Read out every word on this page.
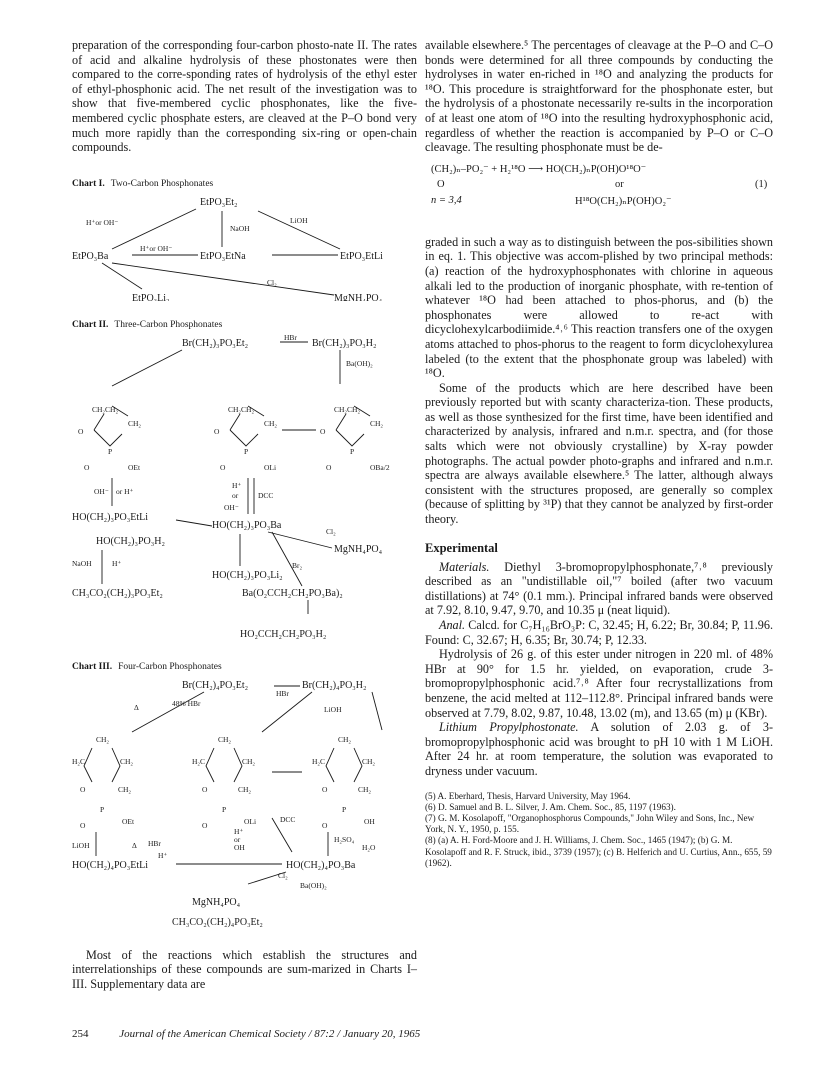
preparation of the corresponding four-carbon phosto-nate II. The rates of acid and alkaline hydrolysis of these phostonates were then compared to the corre-sponding rates of hydrolysis of the ethyl ester of ethyl-phosphonic acid. The net result of the investigation was to show that five-membered cyclic phosphonates, like the five-membered cyclic phosphate esters, are cleaved at the P–O bond very much more rapidly than the corresponding six-ring or open-chain compounds.

Chart I. Two-Carbon Phosphonates

EtPO₃Et₂
EtPO₃Ba	EtPO₃EtNa	EtPO₃EtLi
EtPO₃Li₂	MgNH₄PO₄
H⁺or OH⁻
NaOH
LiOH
H⁺or OH⁻
Cl₂

Chart II. Three-Carbon Phosphonates

Br(CH₂)₃PO₃Et₂	Br(CH₂)₃PO₃H₂
HBr
Ba(OH)₂
CH₂CH₂
CH₂
O
P
O	OEt
CH₂CH₂
CH₂
O
P
O	OLi
CH₂CH₂
CH₂
O
P
O	OBa/2
OH⁻ or H⁺
H⁺
or
OH⁻
DCC
HO(CH₂)₃PO₃EtLi
HO(CH₂)₃PO₃H₂
HO(CH₂)₃PO₃Ba
Cl₂
MgNH₄PO₄
Br₂
HO(CH₂)₃PO₃Li₂
NaOH	H⁺
CH₃CO₂(CH₂)₃PO₃Et₂	Ba(O₂CCH₂CH₂PO₃Ba)₂
HO₂CCH₂CH₂PO₃H₂

Chart III. Four-Carbon Phosphonates

Br(CH₂)₄PO₃Et₂	Br(CH₂)₄PO₃H₂
HBr
Δ	48% HBr
LiOH
CH₂
H₂C	CH₂
O	CH₂
P
O	OEt
CH₂
H₂C	CH₂
O	CH₂
P
O	OLi
CH₂
H₂C	CH₂
O	CH₂
P
O	OH
LiOH	Δ HBr
H⁺
H⁺
or
OH
DCC
H₂SO₄
H₂O
HO(CH₂)₄PO₃EtLi	HO(CH₂)₄PO₃Ba
Cl₂
Ba(OH)₂

MgNH₄PO₄
CH₃CO₂(CH₂)₄PO₃Et₂

Most of the reactions which establish the structures and interrelationships of these compounds are sum-marized in Charts I–III. Supplementary data are

available elsewhere.⁵ The percentages of cleavage at the P–O and C–O bonds were determined for all three compounds by conducting the hydrolyses in water en-riched in ¹⁸O and analyzing the products for ¹⁸O. This procedure is straightforward for the phosphonate ester, but the hydrolysis of a phostonate necessarily re-sults in the incorporation of at least one atom of ¹⁸O into the resulting hydroxyphosphonic acid, regardless of whether the reaction is accompanied by P–O or C–O cleavage. The resulting phosphonate must be de-

(CH₂)ₙ–PO₂⁻ + H₂¹⁸O ⟶ HO(CH₂)ₙP(OH)O¹⁸O⁻
O	or	(1)
n = 3,4	H¹⁸O(CH₂)ₙP(OH)O₂⁻

graded in such a way as to distinguish between the pos-sibilities shown in eq. 1. This objective was accom-plished by two principal methods: (a) reaction of the hydroxyphosphonates with chlorine in aqueous alkali led to the production of inorganic phosphate, with re-tention of whatever ¹⁸O had been attached to phos-phorus, and (b) the phosphonates were allowed to re-act with dicyclohexylcarbodiimide.⁴˒⁶ This reaction transfers one of the oxygen atoms attached to phos-phorus to the reagent to form dicyclohexylurea labeled (to the extent that the phosphonate group was labeled) with ¹⁸O.

Some of the products which are here described have been previously reported but with scanty characteriza-tion. These products, as well as those synthesized for the first time, have been identified and characterized by analysis, infrared and n.m.r. spectra, and (for those salts which were not obviously crystalline) by X-ray powder photographs. The actual powder photo-graphs and infrared and n.m.r. spectra are always available elsewhere.⁵ The latter, although always consistent with the structures proposed, are generally so complex (because of splitting by ³¹P) that they cannot be analyzed by first-order theory.

Experimental

Materials. Diethyl 3-bromopropylphosphonate,⁷˒⁸ previously described as an "undistillable oil,"⁷ boiled (after two vacuum distillations) at 74° (0.1 mm.). Principal infrared bands were observed at 7.92, 8.10, 9.47, 9.70, and 10.35 μ (neat liquid).

Anal. Calcd. for C₇H₁₆BrO₃P: C, 32.45; H, 6.22; Br, 30.84; P, 11.96. Found: C, 32.67; H, 6.35; Br, 30.74; P, 12.33.

Hydrolysis of 26 g. of this ester under nitrogen in 220 ml. of 48% HBr at 90° for 1.5 hr. yielded, on evaporation, crude 3-bromopropylphosphonic acid.⁷˒⁸ After four recrystallizations from benzene, the acid melted at 112–112.8°. Principal infrared bands were observed at 7.79, 8.02, 9.87, 10.48, 13.02 (m), and 13.65 (m) μ (KBr).

Lithium Propylphostonate. A solution of 2.03 g. of 3-bromopropylphosphonic acid was brought to pH 10 with 1 M LiOH. After 24 hr. at room temperature, the solution was evaporated to dryness under vacuum.

(5) A. Eberhard, Thesis, Harvard University, May 1964.
(6) D. Samuel and B. L. Silver, J. Am. Chem. Soc., 85, 1197 (1963).
(7) G. M. Kosolapoff, "Organophosphorus Compounds," John Wiley and Sons, Inc., New York, N. Y., 1950, p. 155.
(8) (a) A. H. Ford-Moore and J. H. Williams, J. Chem. Soc., 1465 (1947); (b) G. M. Kosolapoff and R. F. Struck, ibid., 3739 (1957); (c) B. Helferich and U. Curtius, Ann., 655, 59 (1962).
254	Journal of the American Chemical Society / 87:2 / January 20, 1965
